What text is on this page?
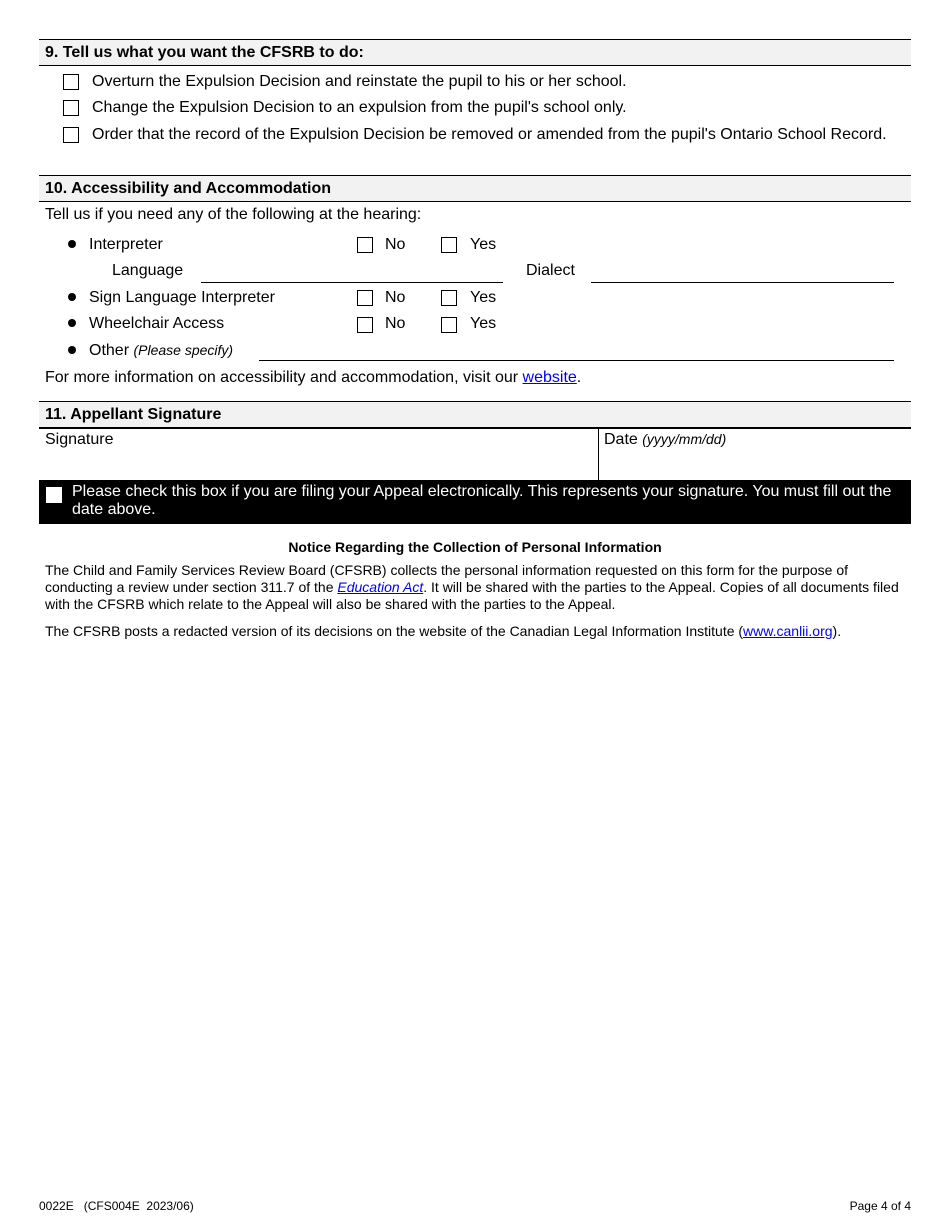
9. Tell us what you want the CFSRB to do:
Overturn the Expulsion Decision and reinstate the pupil to his or her school.
Change the Expulsion Decision to an expulsion from the pupil's school only.
Order that the record of the Expulsion Decision be removed or amended from the pupil's Ontario School Record.
10. Accessibility and Accommodation
Tell us if you need any of the following at the hearing:
Interpreter	No	Yes
Language	Dialect
Sign Language Interpreter	No	Yes
Wheelchair Access	No	Yes
Other (Please specify)
For more information on accessibility and accommodation, visit our website.
11. Appellant Signature
Signature	Date (yyyy/mm/dd)
Please check this box if you are filing your Appeal electronically. This represents your signature. You must fill out the date above.
Notice Regarding the Collection of Personal Information
The Child and Family Services Review Board (CFSRB) collects the personal information requested on this form for the purpose of conducting a review under section 311.7 of the Education Act. It will be shared with the parties to the Appeal. Copies of all documents filed with the CFSRB which relate to the Appeal will also be shared with the parties to the Appeal.
The CFSRB posts a redacted version of its decisions on the website of the Canadian Legal Information Institute (www.canlii.org).
0022E   (CFS004E  2023/06)	Page 4 of 4
